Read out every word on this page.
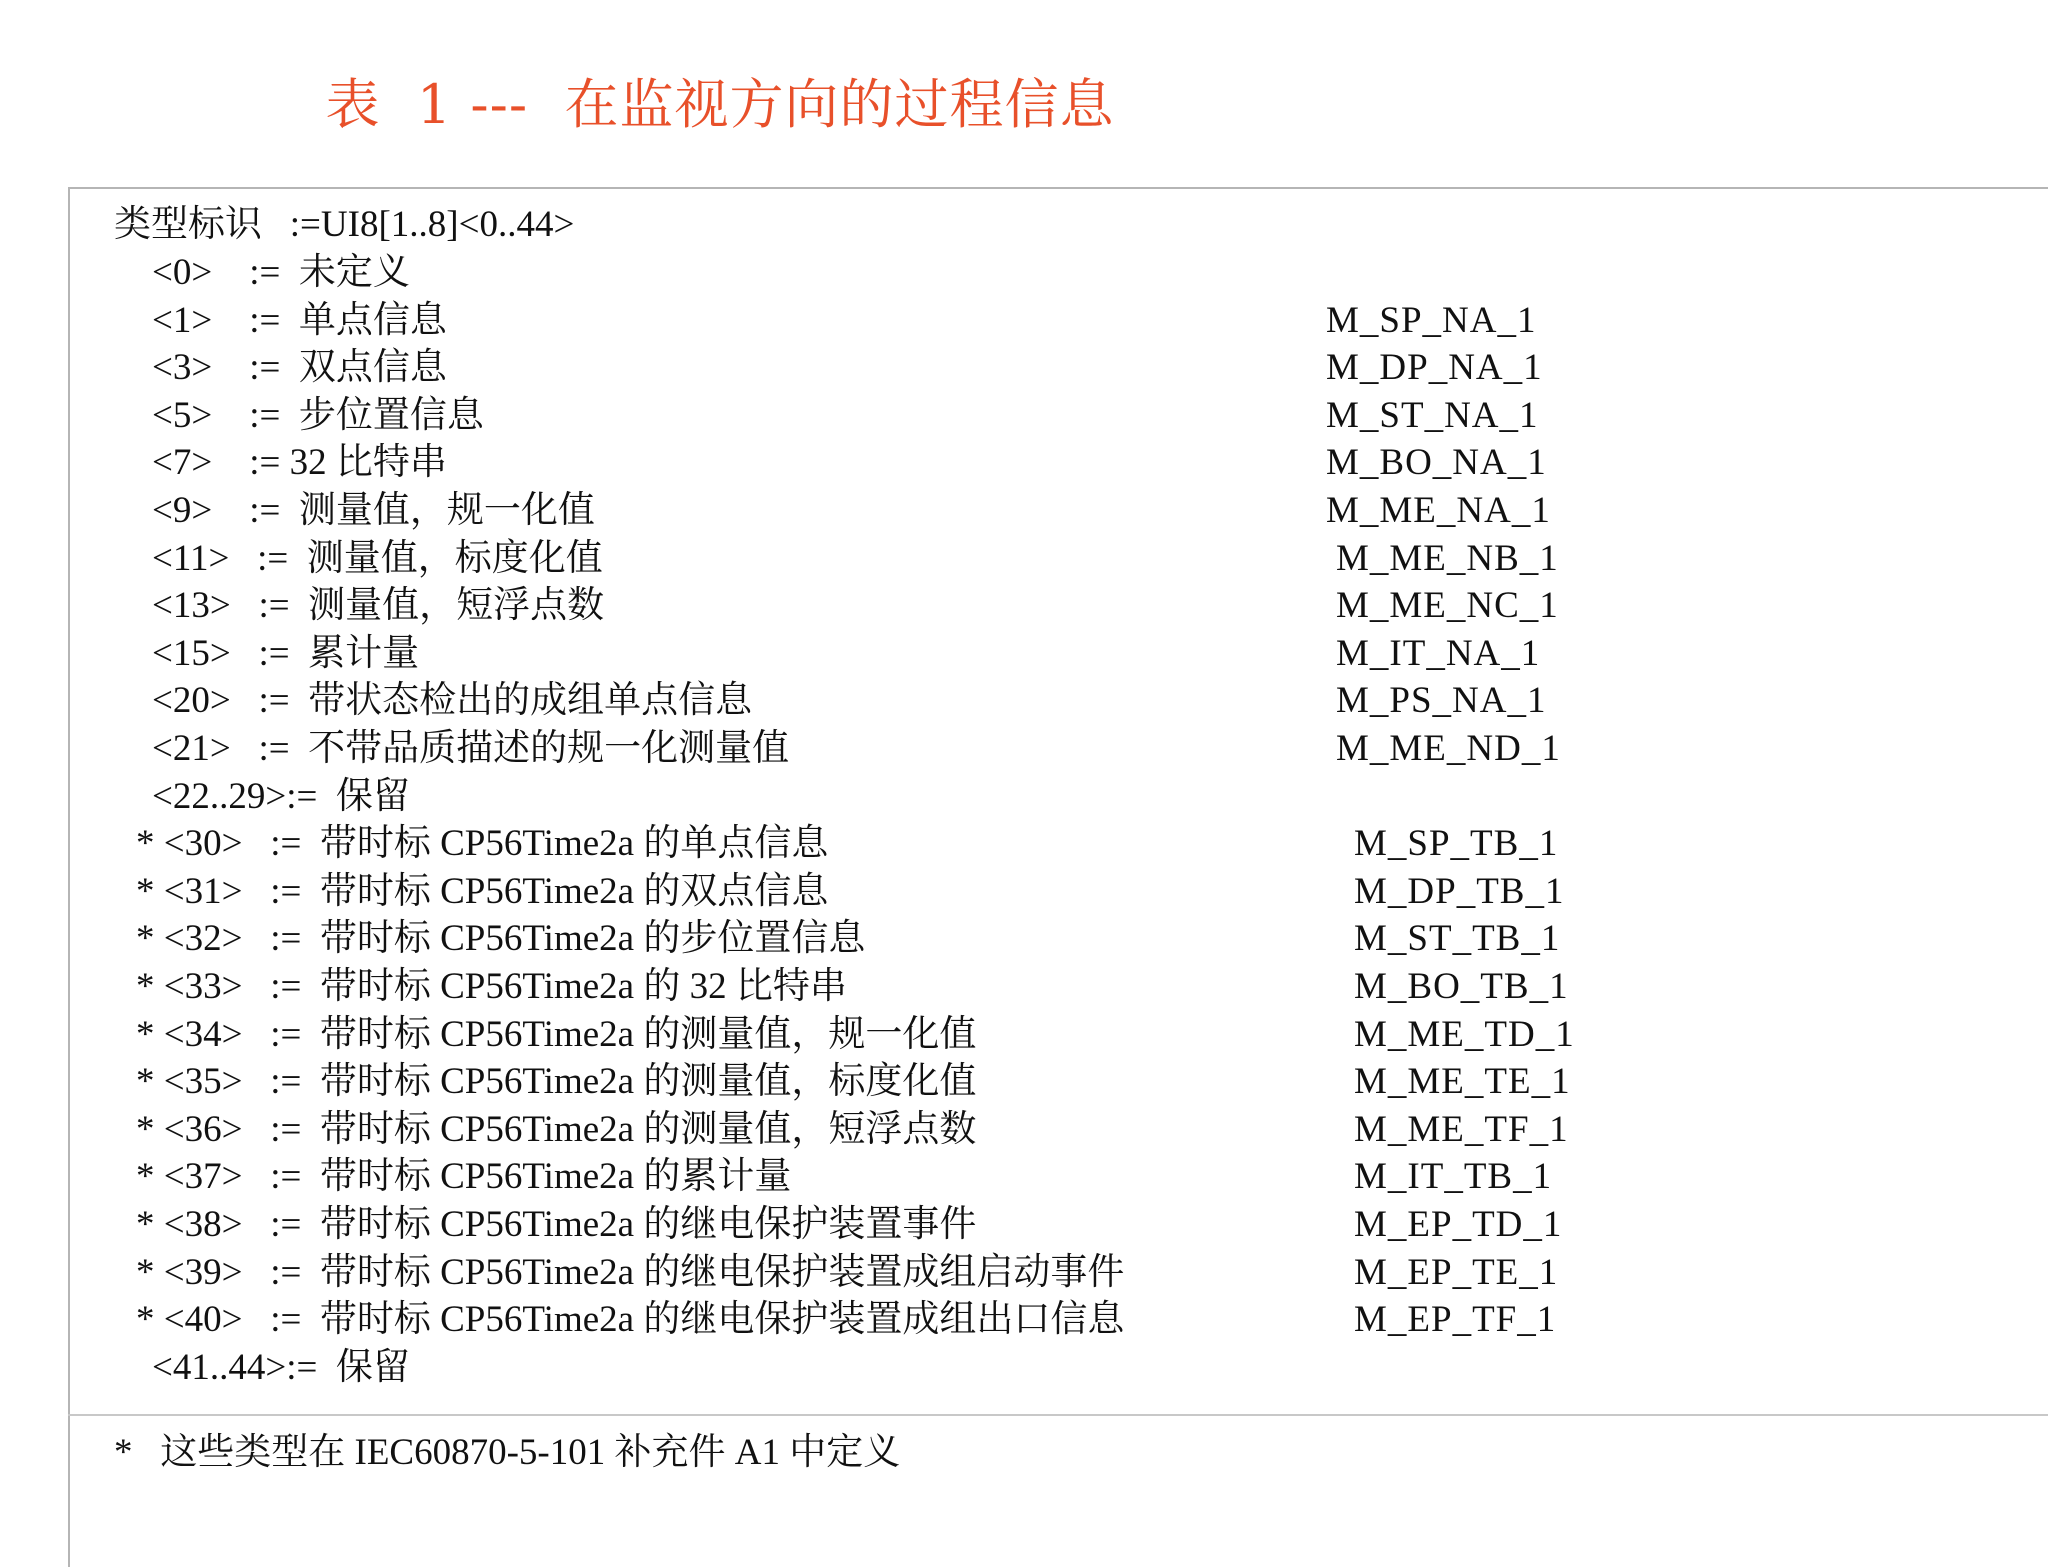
表  1 ---  在监视方向的过程信息
类型标识   :=UI8[1..8]<0..44>
<0>    :=  未定义
<1>    :=  单点信息	M_SP_NA_1
<3>    :=  双点信息	M_DP_NA_1
<5>    :=  步位置信息	M_ST_NA_1
<7>    := 32 比特串	M_BO_NA_1
<9>    :=  测量值，规一化值	M_ME_NA_1
<11>   :=  测量值，标度化值	M_ME_NB_1
<13>   :=  测量值，短浮点数	M_ME_NC_1
<15>   :=  累计量	M_IT_NA_1
<20>   :=  带状态检出的成组单点信息	M_PS_NA_1
<21>   :=  不带品质描述的规一化测量值	M_ME_ND_1
<22..29>:=  保留
* <30>   :=  带时标 CP56Time2a 的单点信息	M_SP_TB_1
* <31>   :=  带时标 CP56Time2a 的双点信息	M_DP_TB_1
* <32>   :=  带时标 CP56Time2a 的步位置信息	M_ST_TB_1
* <33>   :=  带时标 CP56Time2a 的 32 比特串	M_BO_TB_1
* <34>   :=  带时标 CP56Time2a 的测量值，规一化值	M_ME_TD_1
* <35>   :=  带时标 CP56Time2a 的测量值，标度化值	M_ME_TE_1
* <36>   :=  带时标 CP56Time2a 的测量值，短浮点数	M_ME_TF_1
* <37>   :=  带时标 CP56Time2a 的累计量	M_IT_TB_1
* <38>   :=  带时标 CP56Time2a 的继电保护装置事件	M_EP_TD_1
* <39>   :=  带时标 CP56Time2a 的继电保护装置成组启动事件	M_EP_TE_1
* <40>   :=  带时标 CP56Time2a 的继电保护装置成组出口信息	M_EP_TF_1
<41..44>:=  保留
*   这些类型在 IEC60870-5-101 补充件 A1 中定义
